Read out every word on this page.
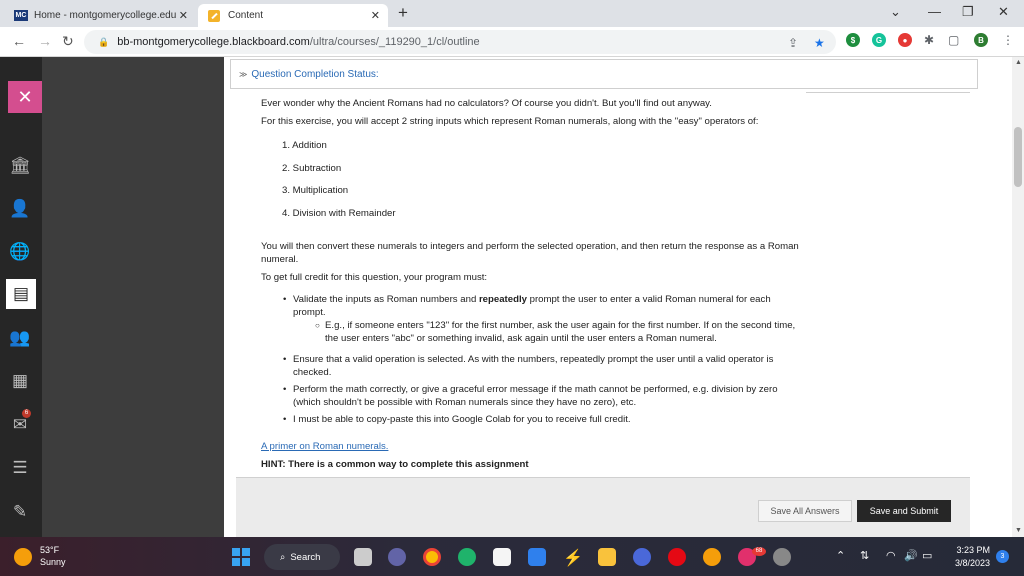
MC Home - montgomerycollege.edu ✕	Content	✕ +	⌄ — ❐ ✕
← → ↻	🔒 bb-montgomerycollege.blackboard.com /ultra/courses/_119290_1/cl/outline	⇪ ★	$	G	●	✱ ▢	B	⋮
✕
🏛
👤
🌐
▤
👥
▦
6
✉
☰
✎
≫ Question Completion Status:

Ever wonder why the Ancient Romans had no calculators? Of course you didn't. But you'll find out anyway.

For this exercise, you will accept 2 string inputs which represent Roman numerals, along with the "easy" operators of:

1. Addition
2. Subtraction
3. Multiplication
4. Division with Remainder

You will then convert these numerals to integers and perform the selected operation, and then return the response as a Roman numeral.

To get full credit for this question, your program must:

• Validate the inputs as Roman numbers and repeatedly prompt the user to enter a valid Roman numeral for each prompt.
○ E.g., if someone enters "123" for the first number, ask the user again for the first number. If on the second time, the user enters "abc" or something invalid, ask again until the user enters a Roman numeral.
• Ensure that a valid operation is selected. As with the numbers, repeatedly prompt the user until a valid operator is checked.
• Perform the math correctly, or give a graceful error message if the math cannot be performed, e.g. division by zero (which shouldn't be possible with Roman numerals since they have no zero), etc.
• I must be able to copy-paste this into Google Colab for you to receive full credit.

A primer on Roman numerals.

HINT: There is a common way to complete this assignment
Save All Answers	Save and Submit
▲
▼
53°F
Sunny	⌕ Search	⚡	68	⌃ ⇅ ◠ 🔊 ▭	3:23 PM
3/8/2023
3
